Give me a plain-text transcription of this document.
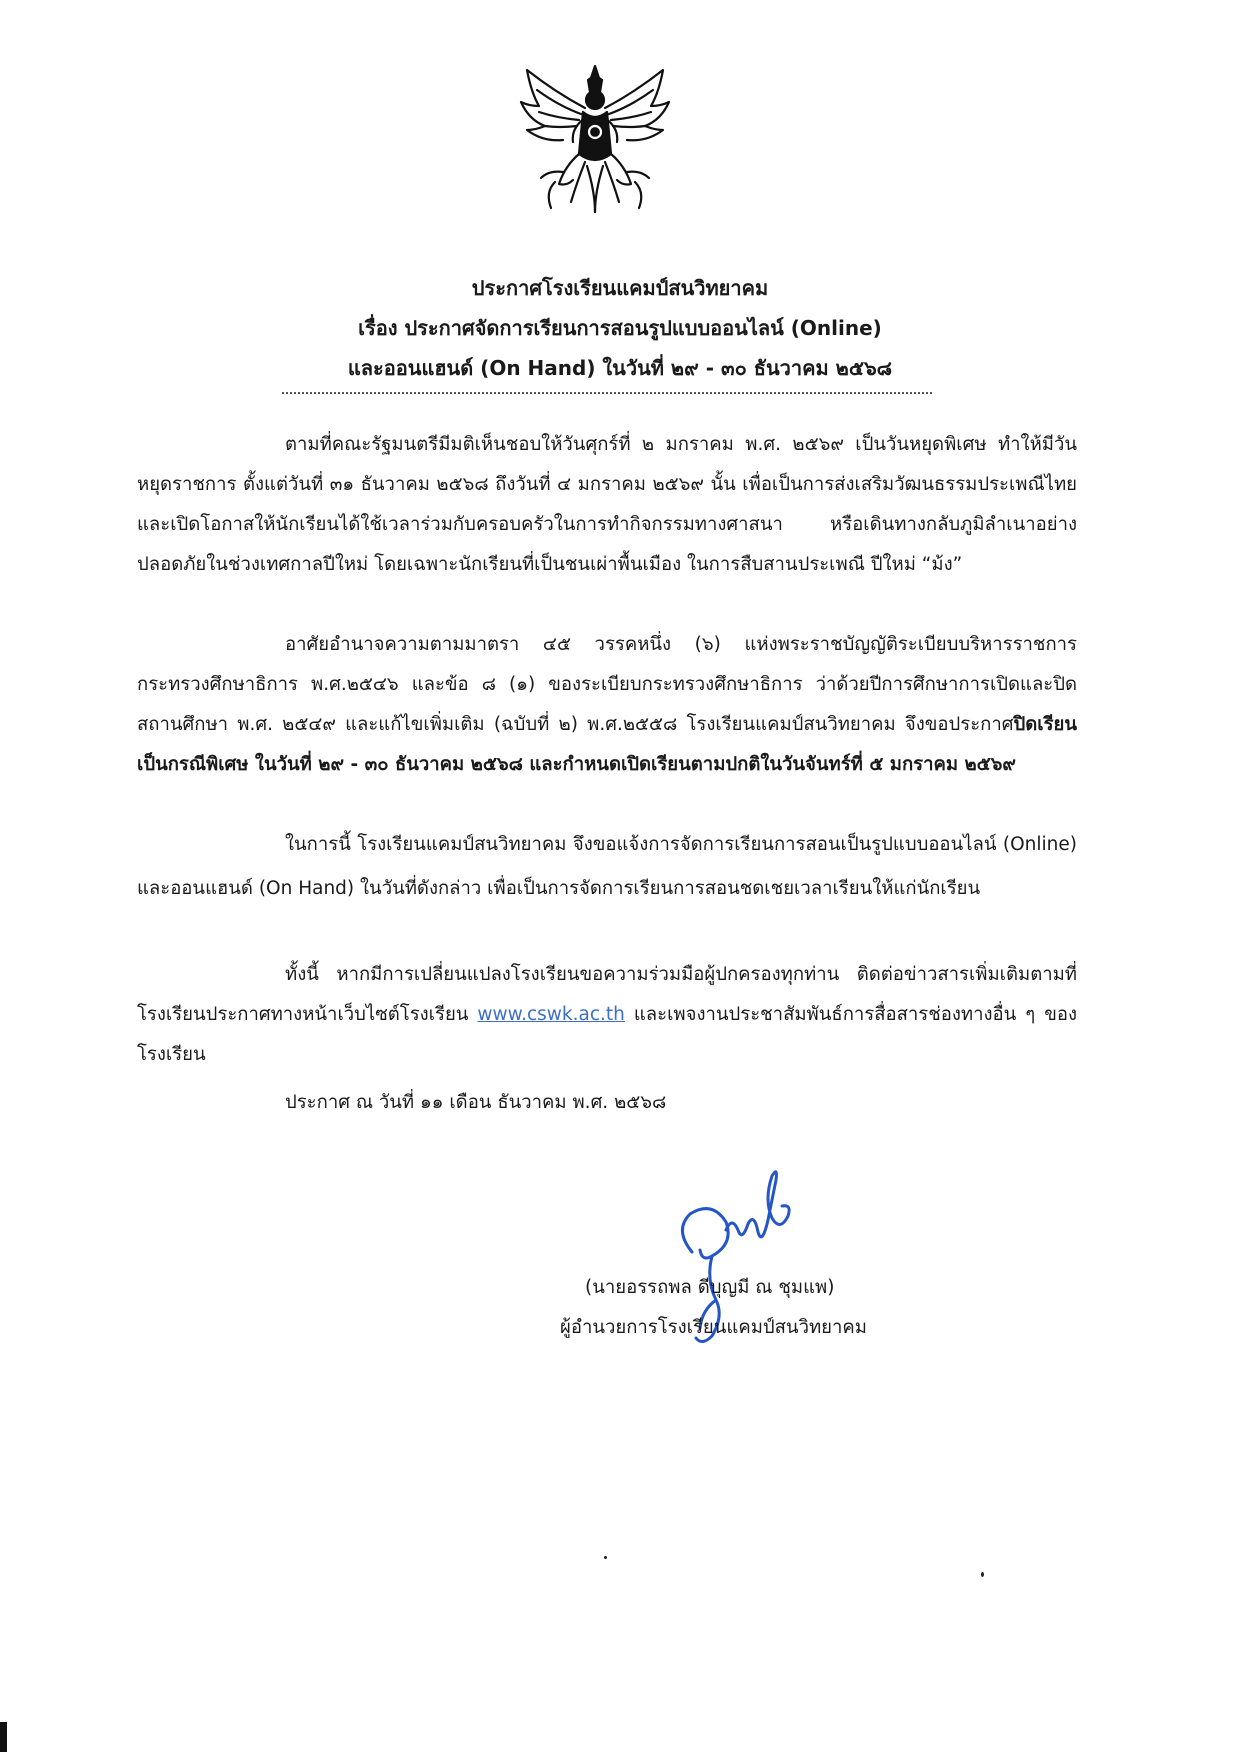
ประกาศโรงเรียนแคมป์สนวิทยาคม
เรื่อง ประกาศจัดการเรียนการสอนรูปแบบออนไลน์ (Online)
และออนแฮนด์ (On Hand) ในวันที่ ๒๙ - ๓๐ ธันวาคม ๒๕๖๘

ตามที่คณะรัฐมนตรีมีมติเห็นชอบให้วันศุกร์ที่ ๒ มกราคม พ.ศ. ๒๕๖๙ เป็นวันหยุดพิเศษ ทำให้มีวันหยุดราชการ ตั้งแต่วันที่ ๓๑ ธันวาคม ๒๕๖๘ ถึงวันที่ ๔ มกราคม ๒๕๖๙ นั้น เพื่อเป็นการส่งเสริมวัฒนธรรมประเพณีไทย และเปิดโอกาสให้นักเรียนได้ใช้เวลาร่วมกับครอบครัวในการทำกิจกรรมทางศาสนา หรือเดินทางกลับภูมิลำเนาอย่างปลอดภัยในช่วงเทศกาลปีใหม่ โดยเฉพาะนักเรียนที่เป็นชนเผ่าพื้นเมือง ในการสืบสานประเพณี ปีใหม่ “ม้ง”

อาศัยอำนาจความตามมาตรา ๔๕ วรรคหนึ่ง (๖) แห่งพระราชบัญญัติระเบียบบริหารราชการกระทรวงศึกษาธิการ พ.ศ.๒๕๔๖ และข้อ ๘ (๑) ของระเบียบกระทรวงศึกษาธิการ ว่าด้วยปีการศึกษาการเปิดและปิดสถานศึกษา พ.ศ. ๒๕๔๙ และแก้ไขเพิ่มเติม (ฉบับที่ ๒) พ.ศ.๒๕๕๘ โรงเรียนแคมป์สนวิทยาคม จึงขอประกาศปิดเรียนเป็นกรณีพิเศษ ในวันที่ ๒๙ - ๓๐ ธันวาคม ๒๕๖๘ และกำหนดเปิดเรียนตามปกติในวันจันทร์ที่ ๕ มกราคม ๒๕๖๙

ในการนี้ โรงเรียนแคมป์สนวิทยาคม จึงขอแจ้งการจัดการเรียนการสอนเป็นรูปแบบออนไลน์ (Online) และออนแฮนด์ (On Hand) ในวันที่ดังกล่าว เพื่อเป็นการจัดการเรียนการสอนชดเชยเวลาเรียนให้แก่นักเรียน

ทั้งนี้ หากมีการเปลี่ยนแปลงโรงเรียนขอความร่วมมือผู้ปกครองทุกท่าน ติดต่อข่าวสารเพิ่มเติมตามที่โรงเรียนประกาศทางหน้าเว็บไซต์โรงเรียน www.cswk.ac.th และเพจงานประชาสัมพันธ์การสื่อสารช่องทางอื่น ๆ ของโรงเรียน

ประกาศ ณ วันที่ ๑๑ เดือน ธันวาคม พ.ศ. ๒๕๖๘
(นายอรรถพล ดีบุญมี ณ ชุมแพ)
ผู้อำนวยการโรงเรียนแคมป์สนวิทยาคม
